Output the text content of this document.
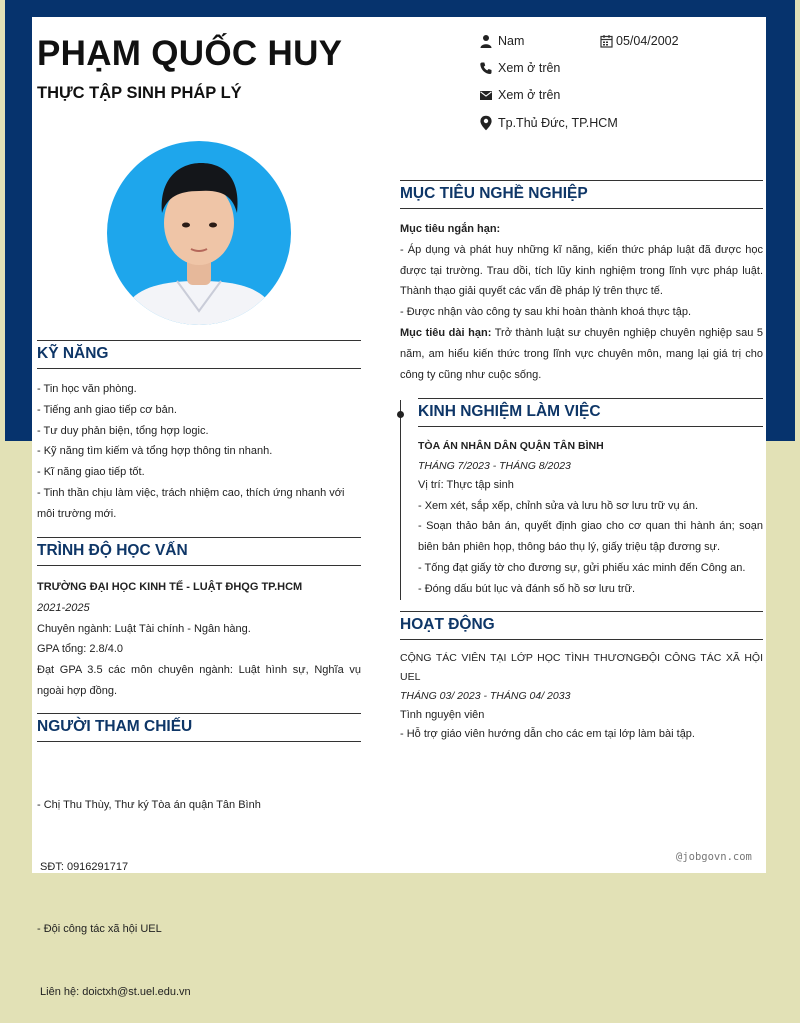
PHẠM QUỐC HUY
THỰC TẬP SINH PHÁP LÝ
Nam	05/04/2002
Xem ở trên
Xem ở trên
Tp.Thủ Đức, TP.HCM
KỸ NĂNG

- Tin học văn phòng.

- Tiếng anh giao tiếp cơ bản.

- Tư duy phản biện, tổng hợp logic.

- Kỹ năng tìm kiếm và tổng hợp thông tin nhanh.

- Kĩ năng giao tiếp tốt.

- Tinh thần chịu làm việc, trách nhiệm cao, thích ứng nhanh với môi trường mới.

TRÌNH ĐỘ HỌC VẤN

TRƯỜNG ĐẠI HỌC KINH TẾ - LUẬT ĐHQG TP.HCM

2021-2025

Chuyên ngành: Luật Tài chính - Ngân hàng.

GPA tổng: 2.8/4.0

Đạt GPA 3.5 các môn chuyên ngành: Luật hình sự, Nghĩa vụ ngoài hợp đồng.

NGƯỜI THAM CHIẾU

- Chị Thu Thùy, Thư ký Tòa án quận Tân Bình

SĐT: 0916291717

- Đội công tác xã hội UEL

Liên hệ: doictxh@st.uel.edu.vn

MỤC TIÊU NGHỀ NGHIỆP

Mục tiêu ngắn hạn:

- Áp dụng và phát huy những kĩ năng, kiến thức pháp luật đã được học được tại trường. Trau dồi, tích lũy kinh nghiệm trong lĩnh vực pháp luật. Thành thạo giải quyết các vấn đề pháp lý trên thực tế.

- Được nhận vào công ty sau khi hoàn thành khoá thực tập.

Mục tiêu dài hạn: Trở thành luật sư chuyên nghiệp chuyên nghiệp sau 5 năm, am hiểu kiến thức trong lĩnh vực chuyên môn, mang lại giá trị cho công ty cũng như cuộc sống.

KINH NGHIỆM LÀM VIỆC

TÒA ÁN NHÂN DÂN QUẬN TÂN BÌNH

THÁNG 7/2023 - THÁNG 8/2023

Vị trí: Thực tập sinh

- Xem xét, sắp xếp, chỉnh sửa và lưu hồ sơ lưu trữ vụ án.

- Soạn thảo bản án, quyết định giao cho cơ quan thi hành án; soạn biên bản phiên họp, thông báo thụ lý, giấy triệu tập đương sự.

- Tống đạt giấy tờ cho đương sự, gửi phiếu xác minh đến Công an.

- Đóng dấu bút lục và đánh số hồ sơ lưu trữ.

HOẠT ĐỘNG

CỘNG TÁC VIÊN TẠI LỚP HỌC TÌNH THƯƠNGĐỘI CÔNG TÁC XÃ HỘI UEL

THÁNG 03/ 2023 - THÁNG 04/ 2033

Tình nguyện viên

- Hỗ trợ giáo viên hướng dẫn cho các em tại lớp làm bài tập.

@jobgovn.com
